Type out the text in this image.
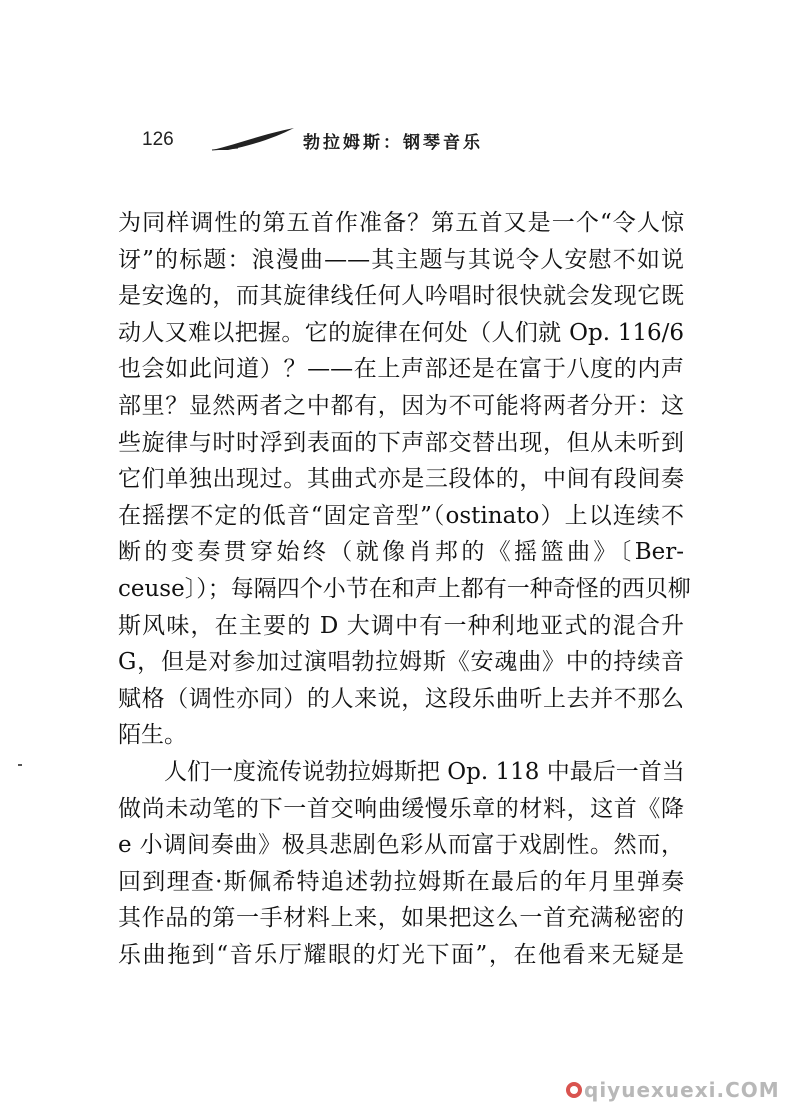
126	勃拉姆斯：钢琴音乐
为同样调性的第五首作准备？第五首又是一个“令人惊
讶”的标题：浪漫曲——其主题与其说令人安慰不如说
是安逸的，而其旋律线任何人吟唱时很快就会发现它既
动人又难以把握。它的旋律在何处（人们就 Op. 116/6
也会如此问道）？——在上声部还是在富于八度的内声
部里？显然两者之中都有，因为不可能将两者分开：这
些旋律与时时浮到表面的下声部交替出现，但从未听到
它们单独出现过。其曲式亦是三段体的，中间有段间奏
在摇摆不定的低音“固定音型”（ostinato）上以连续不
断的变奏贯穿始终（就像肖邦的《摇篮曲》〔Ber-
ceuse〕）；每隔四个小节在和声上都有一种奇怪的西贝柳
斯风味，在主要的 D 大调中有一种利地亚式的混合升
G，但是对参加过演唱勃拉姆斯《安魂曲》中的持续音
赋格（调性亦同）的人来说，这段乐曲听上去并不那么
陌生。
人们一度流传说勃拉姆斯把 Op. 118 中最后一首当
做尚未动笔的下一首交响曲缓慢乐章的材料，这首《降
e 小调间奏曲》极具悲剧色彩从而富于戏剧性。然而，
回到理查·斯佩希特追述勃拉姆斯在最后的年月里弹奏
其作品的第一手材料上来，如果把这么一首充满秘密的
乐曲拖到“音乐厅耀眼的灯光下面”，在他看来无疑是
qiyuexuexi.COM
